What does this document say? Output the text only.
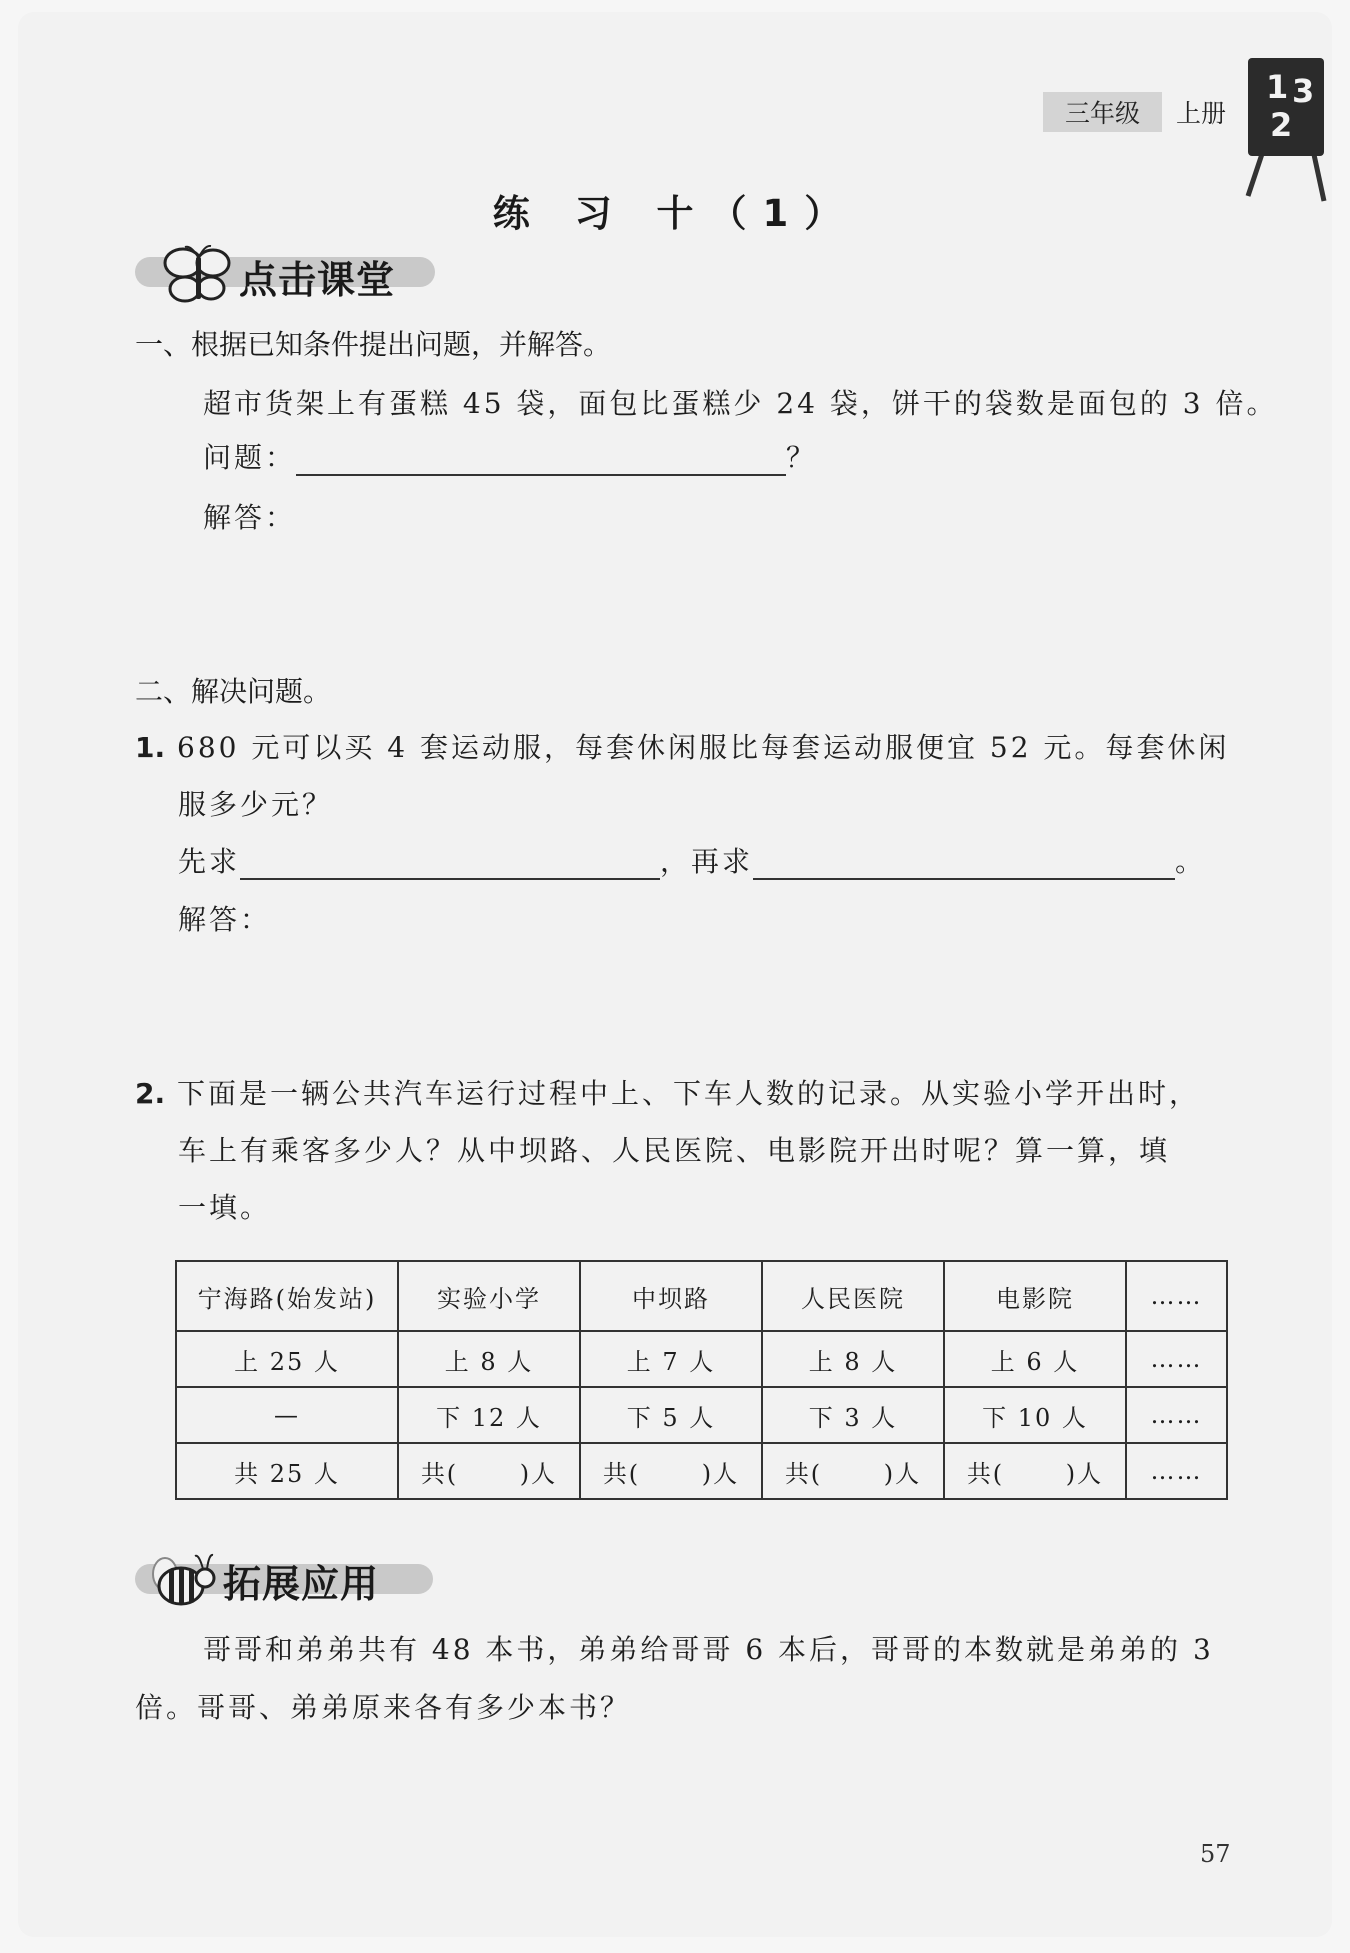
三年级	上册
1 3
2
练 习 十（1）
点击课堂
一、根据已知条件提出问题，并解答。
超市货架上有蛋糕 45 袋，面包比蛋糕少 24 袋，饼干的袋数是面包的 3 倍。
问题：	？
解答：
二、解决问题。
1. 680 元可以买 4 套运动服，每套休闲服比每套运动服便宜 52 元。每套休闲
服多少元？
先求	，再求	。
解答：
2. 下面是一辆公共汽车运行过程中上、下车人数的记录。从实验小学开出时，
车上有乘客多少人？从中坝路、人民医院、电影院开出时呢？算一算，填
一填。
宁海路(始发站)	实验小学	中坝路	人民医院	电影院	……
上 25 人	上 8 人	上 7 人	上 8 人	上 6 人	……
—	下 12 人	下 5 人	下 3 人	下 10 人	……
共 25 人	共(　　 )人	共(　　 )人	共(　　 )人	共(　　 )人	……
拓展应用
哥哥和弟弟共有 48 本书，弟弟给哥哥 6 本后，哥哥的本数就是弟弟的 3
倍。哥哥、弟弟原来各有多少本书？
57
